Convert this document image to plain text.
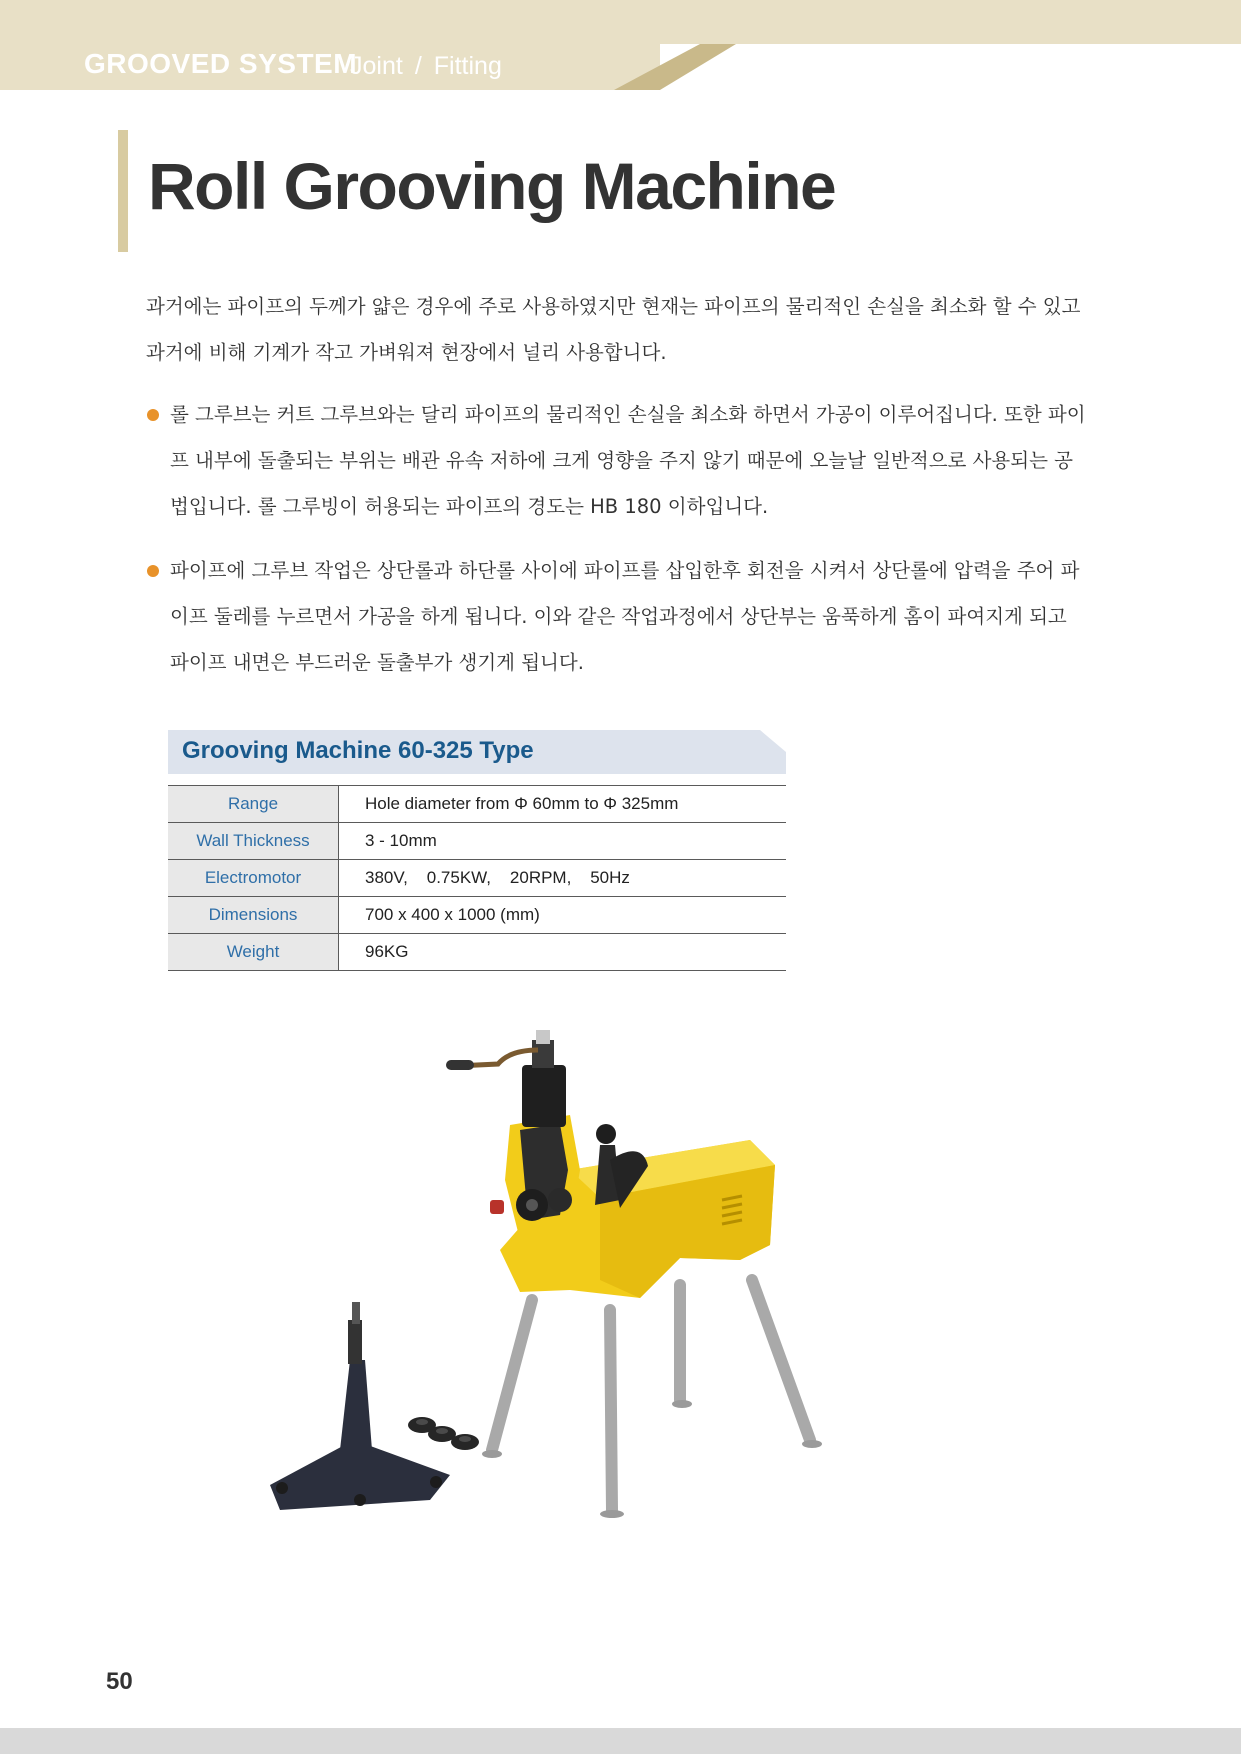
GROOVED SYSTEM
Joint / Fitting
Roll Grooving Machine
과거에는 파이프의 두께가 얇은 경우에 주로 사용하였지만 현재는 파이프의 물리적인 손실을 최소화 할 수 있고 과거에 비해 기계가 작고 가벼워져 현장에서 널리 사용합니다.
롤 그루브는 커트 그루브와는 달리 파이프의 물리적인 손실을 최소화 하면서 가공이 이루어집니다. 또한 파이프 내부에 돌출되는 부위는 배관 유속 저하에 크게 영향을 주지 않기 때문에 오늘날 일반적으로 사용되는 공법입니다. 롤 그루빙이 허용되는 파이프의 경도는 HB 180 이하입니다.
파이프에 그루브 작업은 상단롤과 하단롤 사이에 파이프를 삽입한후 회전을 시켜서 상단롤에 압력을 주어 파이프 둘레를 누르면서 가공을 하게 됩니다. 이와 같은 작업과정에서 상단부는 움푹하게 홈이 파여지게 되고 파이프 내면은 부드러운 돌출부가 생기게 됩니다.
Grooving Machine 60-325 Type
Range	Hole diameter from Φ 60mm to Φ 325mm
Wall Thickness	3 - 10mm
Electromotor	380V,    0.75KW,    20RPM,    50Hz
Dimensions	700 x 400 x 1000 (mm)
Weight	96KG
50
